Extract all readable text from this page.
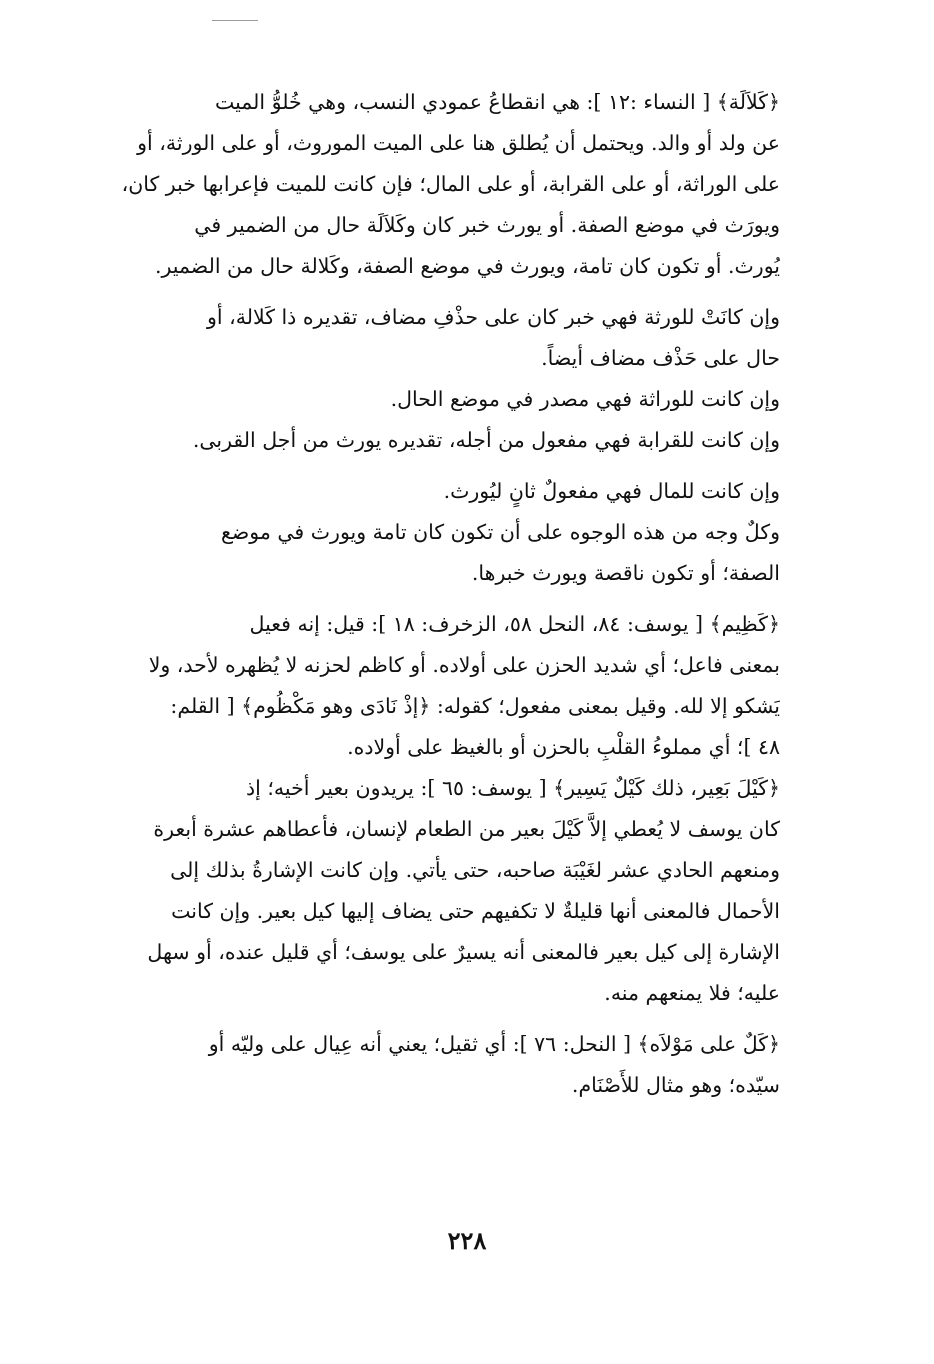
﴿كَلاَلَة﴾ [ النساء :١٢ ]: هي انقطاعُ عمودي النسب، وهي خُلوُّ الميت
عن ولد أو والد. ويحتمل أن يُطلق هنا على الميت الموروث، أو على الورثة، أو
على الوراثة، أو على القرابة، أو على المال؛ فإن كانت للميت فإعرابها خبر كان،
ويورَث في موضع الصفة. أو يورث خبر كان وكَلاَلَة حال من الضمير في
يُورث. أو تكون كان تامة، ويورث في موضع الصفة، وكَلالة حال من الضمير.

وإن كانَتْ للورثة فهي خبر كان على حذْفِ مضاف، تقديره ذا كَلالة، أو
حال على حَذْف مضاف أيضاً.

وإن كانت للوراثة فهي مصدر في موضع الحال.

وإن كانت للقرابة فهي مفعول من أجله، تقديره يورث من أجل القربى.

وإن كانت للمال فهي مفعولٌ ثانٍ ليُورث.

وكلٌ وجه من هذه الوجوه على أن تكون كان تامة ويورث في موضع
الصفة؛ أو تكون ناقصة ويورث خبرها.

﴿كَظِيم﴾ [ يوسف: ٨٤، النحل ٥٨، الزخرف: ١٨ ]: قيل: إنه فعيل
بمعنى فاعل؛ أي شديد الحزن على أولاده. أو كاظم لحزنه لا يُظهره لأحد، ولا
يَشكو إلا لله. وقيل بمعنى مفعول؛ كقوله: ﴿إذْ نَادَى وهو مَكْظُوم﴾ [ القلم:
٤٨ ]؛ أي مملوءُ القلْبِ بالحزن أو بالغيظ على أولاده.

﴿كَيْلَ بَعِير، ذلك كَيْلٌ يَسِير﴾ [ يوسف: ٦٥ ]: يريدون بعير أخيه؛ إذ
كان يوسف لا يُعطي إلاَّ كَيْلَ بعير من الطعام لإنسان، فأعطاهم عشرة أبعرة
ومنعهم الحادي عشر لغَيْبَة صاحبه، حتى يأتي. وإن كانت الإشارةُ بذلك إلى
الأحمال فالمعنى أنها قليلةٌ لا تكفيهم حتى يضاف إليها كيل بعير. وإن كانت
الإشارة إلى كيل بعير فالمعنى أنه يسيرٌ على يوسف؛ أي قليل عنده، أو سهل
عليه؛ فلا يمنعهم منه.

﴿كَلٌ على مَوْلاَه﴾ [ النحل: ٧٦ ]: أي ثقيل؛ يعني أنه عِيال على وليّه أو
سيّده؛ وهو مثال للأَصْنَام.

٢٢٨
